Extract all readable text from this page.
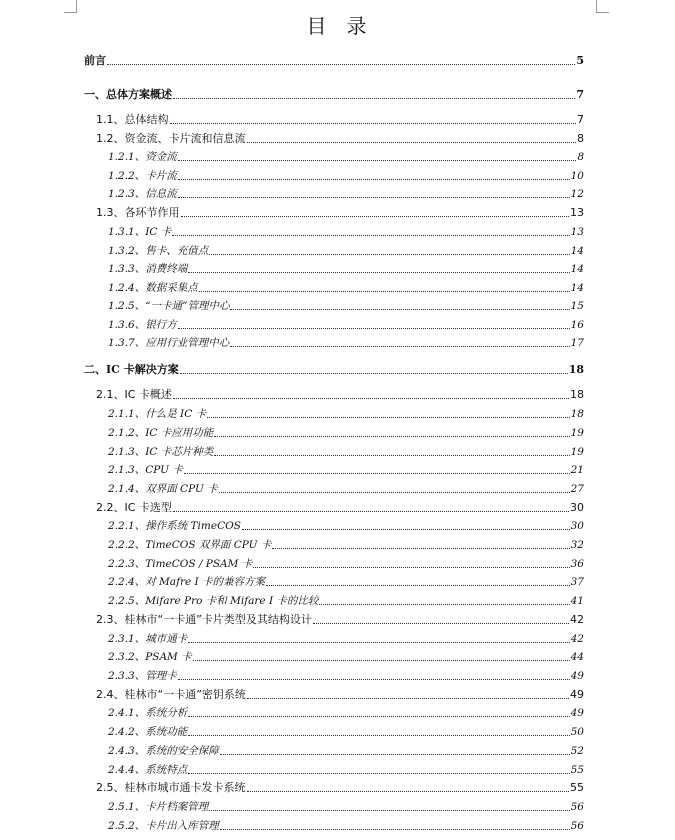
目 录
前言	5
一、总体方案概述	7
1.1、总体结构	7
1.2、资金流、卡片流和信息流	8
1.2.1、资金流	8
1.2.2、卡片流	10
1.2.3、信息流	12
1.3、各环节作用	13
1.3.1、IC 卡	13
1.3.2、售卡、充值点	14
1.3.3、消费终端	14
1.2.4、数据采集点	14
1.2.5、“一卡通”管理中心	15
1.3.6、银行方	16
1.3.7、应用行业管理中心	17
二、IC 卡解决方案	18
2.1、IC 卡概述	18
2.1.1、什么是 IC 卡	18
2.1.2、IC 卡应用功能	19
2.1.3、IC 卡芯片种类	19
2.1.3、CPU 卡	21
2.1.4、双界面 CPU 卡	27
2.2、IC 卡选型	30
2.2.1、操作系统 TimeCOS	30
2.2.2、TimeCOS 双界面 CPU 卡	32
2.2.3、TimeCOS / PSAM 卡	36
2.2.4、对 Mafre I 卡的兼容方案	37
2.2.5、Mifare Pro 卡和 Mifare I 卡的比较	41
2.3、桂林市“一卡通”卡片类型及其结构设计	42
2.3.1、城市通卡	42
2.3.2、PSAM 卡	44
2.3.3、管理卡	49
2.4、桂林市“一卡通”密钥系统	49
2.4.1、系统分析	49
2.4.2、系统功能	50
2.4.3、系统的安全保障	52
2.4.4、系统特点	55
2.5、桂林市城市通卡发卡系统	55
2.5.1、卡片档案管理	56
2.5.2、卡片出入库管理	56
